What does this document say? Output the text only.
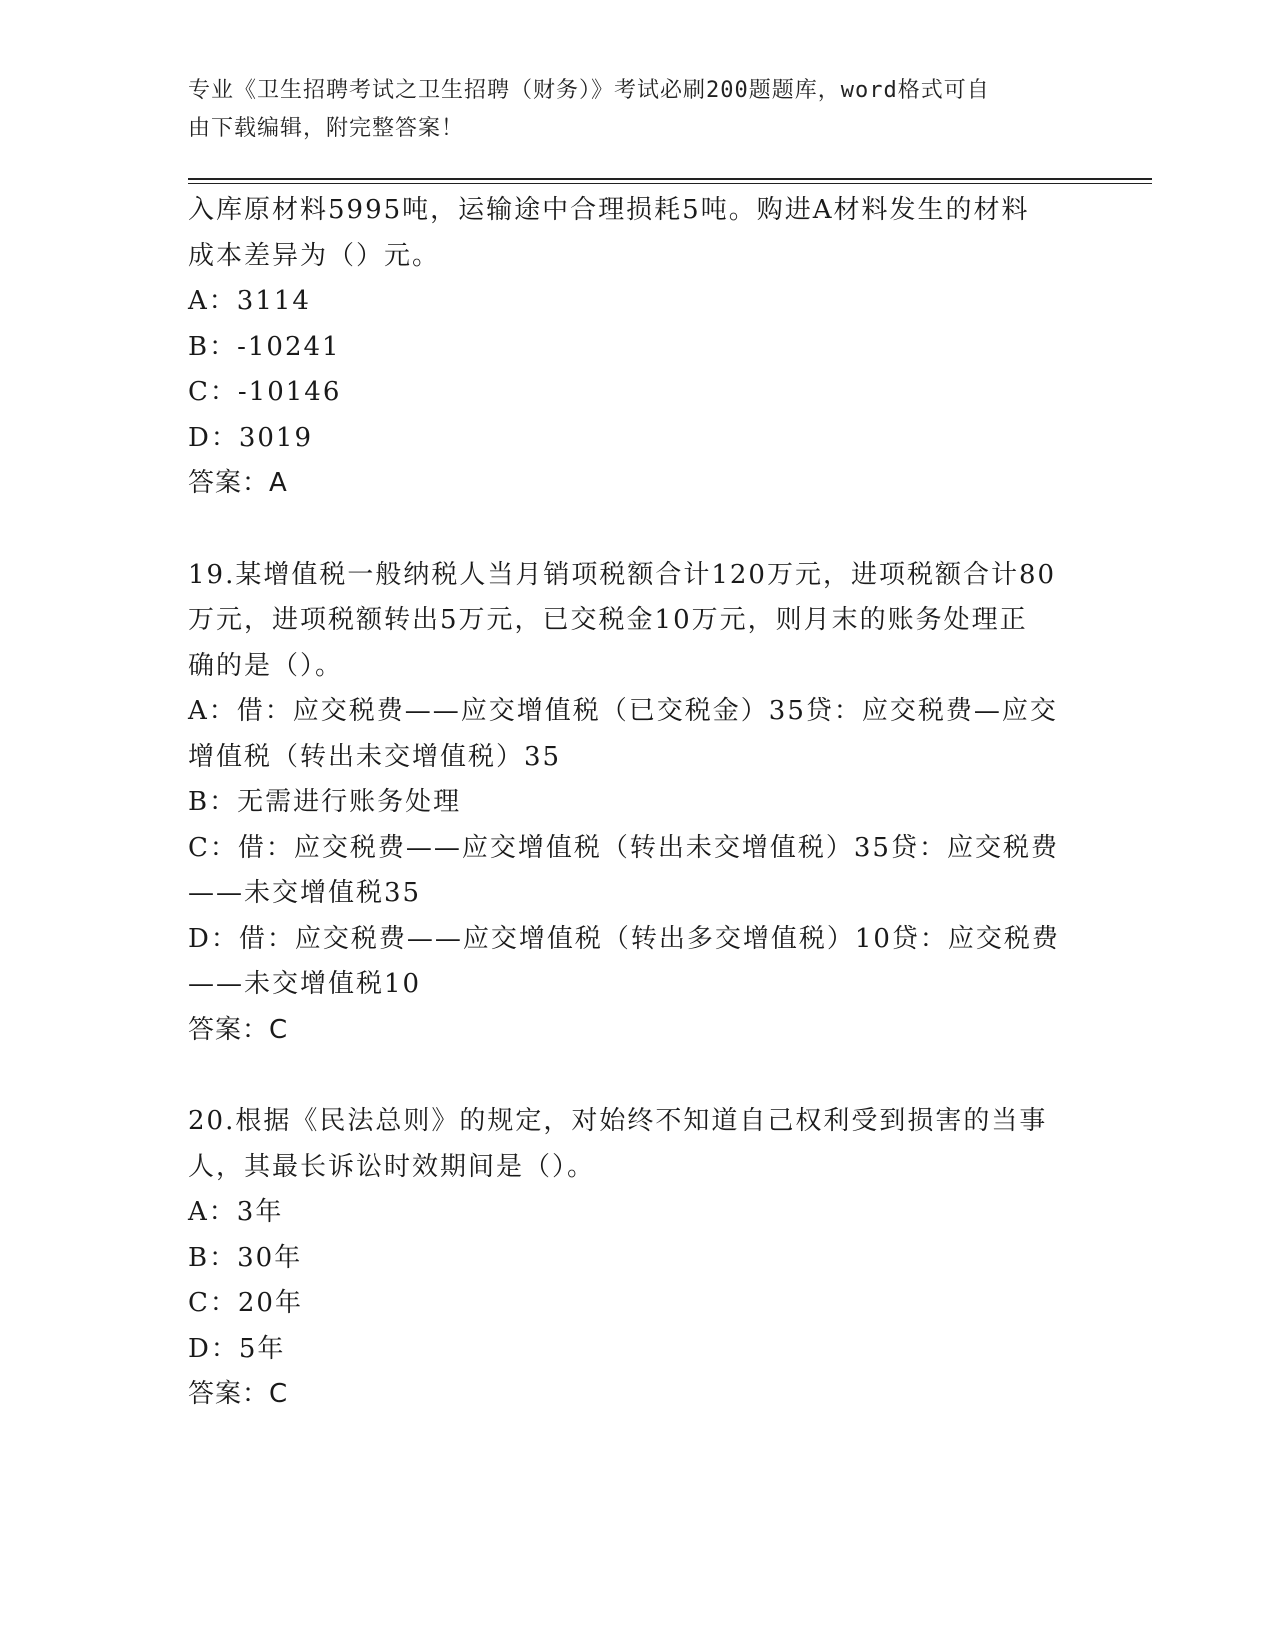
专业《卫生招聘考试之卫生招聘（财务）》考试必刷200题题库，word格式可自
由下载编辑，附完整答案！
入库原材料5995吨，运输途中合理损耗5吨。购进A材料发生的材料
成本差异为（）元。
A：3114
B：-10241
C：-10146
D：3019
答案：A
19.某增值税一般纳税人当月销项税额合计120万元，进项税额合计80
万元，进项税额转出5万元，已交税金10万元，则月末的账务处理正
确的是（）。
A：借：应交税费——应交增值税（已交税金）35贷：应交税费—应交
增值税（转出未交增值税）35
B：无需进行账务处理
C：借：应交税费——应交增值税（转出未交增值税）35贷：应交税费
——未交增值税35
D：借：应交税费——应交增值税（转出多交增值税）10贷：应交税费
——未交增值税10
答案：C
20.根据《民法总则》的规定，对始终不知道自己权利受到损害的当事
人，其最长诉讼时效期间是（）。
A：3年
B：30年
C：20年
D：5年
答案：C
